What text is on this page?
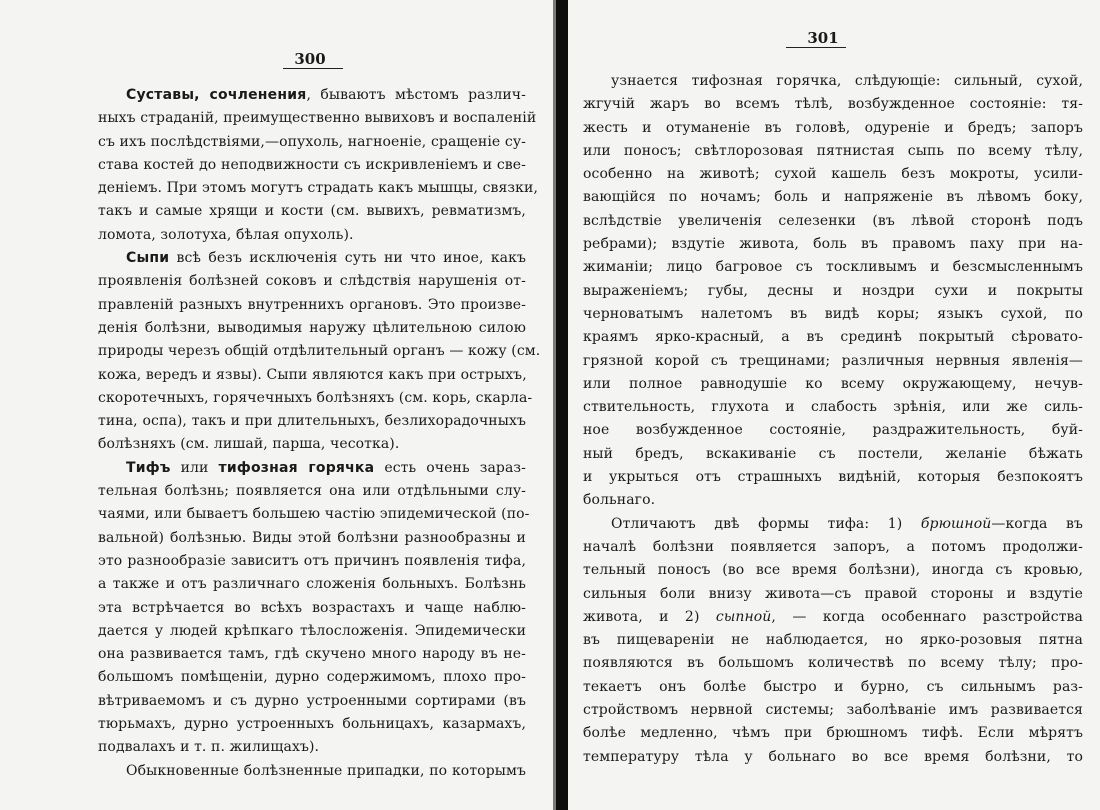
300
Суставы, сочленения, бываютъ мѣстомъ различ-
ныхъ страданій, преимущественно вывиховъ и воспаленій
съ ихъ послѣдствіями,—опухоль, нагноеніе, сращеніе су-
става костей до неподвижности съ искривленіемъ и све-
деніемъ. При этомъ могутъ страдать какъ мышцы, связки,
такъ и самые хрящи и кости (см. вывихъ, ревматизмъ,
ломота, золотуха, бѣлая опухоль).
Сыпи всѣ безъ исключенія суть ни что иное, какъ
проявленія болѣзней соковъ и слѣдствія нарушенія от-
правленій разныхъ внутреннихъ органовъ. Это произве-
денія болѣзни, выводимыя наружу цѣлительною силою
природы черезъ общій отдѣлительный органъ — кожу (см.
кожа, вередъ и язвы). Сыпи являются какъ при острыхъ,
скоротечныхъ, горячечныхъ болѣзняхъ (см. корь, скарла-
тина, оспа), такъ и при длительныхъ, безлихорадочныхъ
болѣзняхъ (см. лишай, парша, чесотка).
Тифъ или тифозная горячка есть очень зараз-
тельная болѣзнь; появляется она или отдѣльными слу-
чаями, или бываетъ большею частію эпидемической (по-
вальной) болѣзнью. Виды этой болѣзни разнообразны и
это разнообразіе зависитъ отъ причинъ появленія тифа,
а также и отъ различнаго сложенія больныхъ. Болѣзнь
эта встрѣчается во всѣхъ возрастахъ и чаще наблю-
дается у людей крѣпкаго тѣлосложенія. Эпидемически
она развивается тамъ, гдѣ скучено много народу въ не-
большомъ помѣщеніи, дурно содержимомъ, плохо про-
вѣтриваемомъ и съ дурно устроенными сортирами (въ
тюрьмахъ, дурно устроенныхъ больницахъ, казармахъ,
подвалахъ и т. п. жилищахъ).
Обыкновенные болѣзненные припадки, по которымъ
301
узнается тифозная горячка, слѣдующіе: сильный, сухой,
жгучій жаръ во всемъ тѣлѣ, возбужденное состояніе: тя-
жесть и отуманеніе въ головѣ, одуреніе и бредъ; запоръ
или поносъ; свѣтлорозовая пятнистая сыпь по всему тѣлу,
особенно на животѣ; сухой кашель безъ мокроты, усили-
вающійся по ночамъ; боль и напряженіе въ лѣвомъ боку,
вслѣдствіе увеличенія селезенки (въ лѣвой сторонѣ подъ
ребрами); вздутіе живота, боль въ правомъ паху при на-
жиманіи; лицо багровое съ тоскливымъ и безсмысленнымъ
выраженіемъ; губы, десны и ноздри сухи и покрыты
черноватымъ налетомъ въ видѣ коры; языкъ сухой, по
краямъ ярко-красный, а въ срединѣ покрытый сѣровато-
грязной корой съ трещинами; различныя нервныя явленія—
или полное равнодушіе ко всему окружающему, нечув-
ствительность, глухота и слабость зрѣнія, или же силь-
ное возбужденное состояніе, раздражительность, буй-
ный бредъ, вскакиваніе съ постели, желаніе бѣжать
и укрыться отъ страшныхъ видѣній, которыя безпокоятъ
больнаго.
Отличаютъ двѣ формы тифа: 1) брюшной—когда въ
началѣ болѣзни появляется запоръ, а потомъ продолжи-
тельный поносъ (во все время болѣзни), иногда съ кровью,
сильныя боли внизу живота—съ правой стороны и вздутіе
живота, и 2) сыпной, — когда особеннаго разстройства
въ пищевареніи не наблюдается, но ярко-розовыя пятна
появляются въ большомъ количествѣ по всему тѣлу; про-
текаетъ онъ болѣе быстро и бурно, съ сильнымъ раз-
стройствомъ нервной системы; заболѣваніе имъ развивается
болѣе медленно, чѣмъ при брюшномъ тифѣ. Если мѣрятъ
температуру тѣла у больнаго во все время болѣзни, то
